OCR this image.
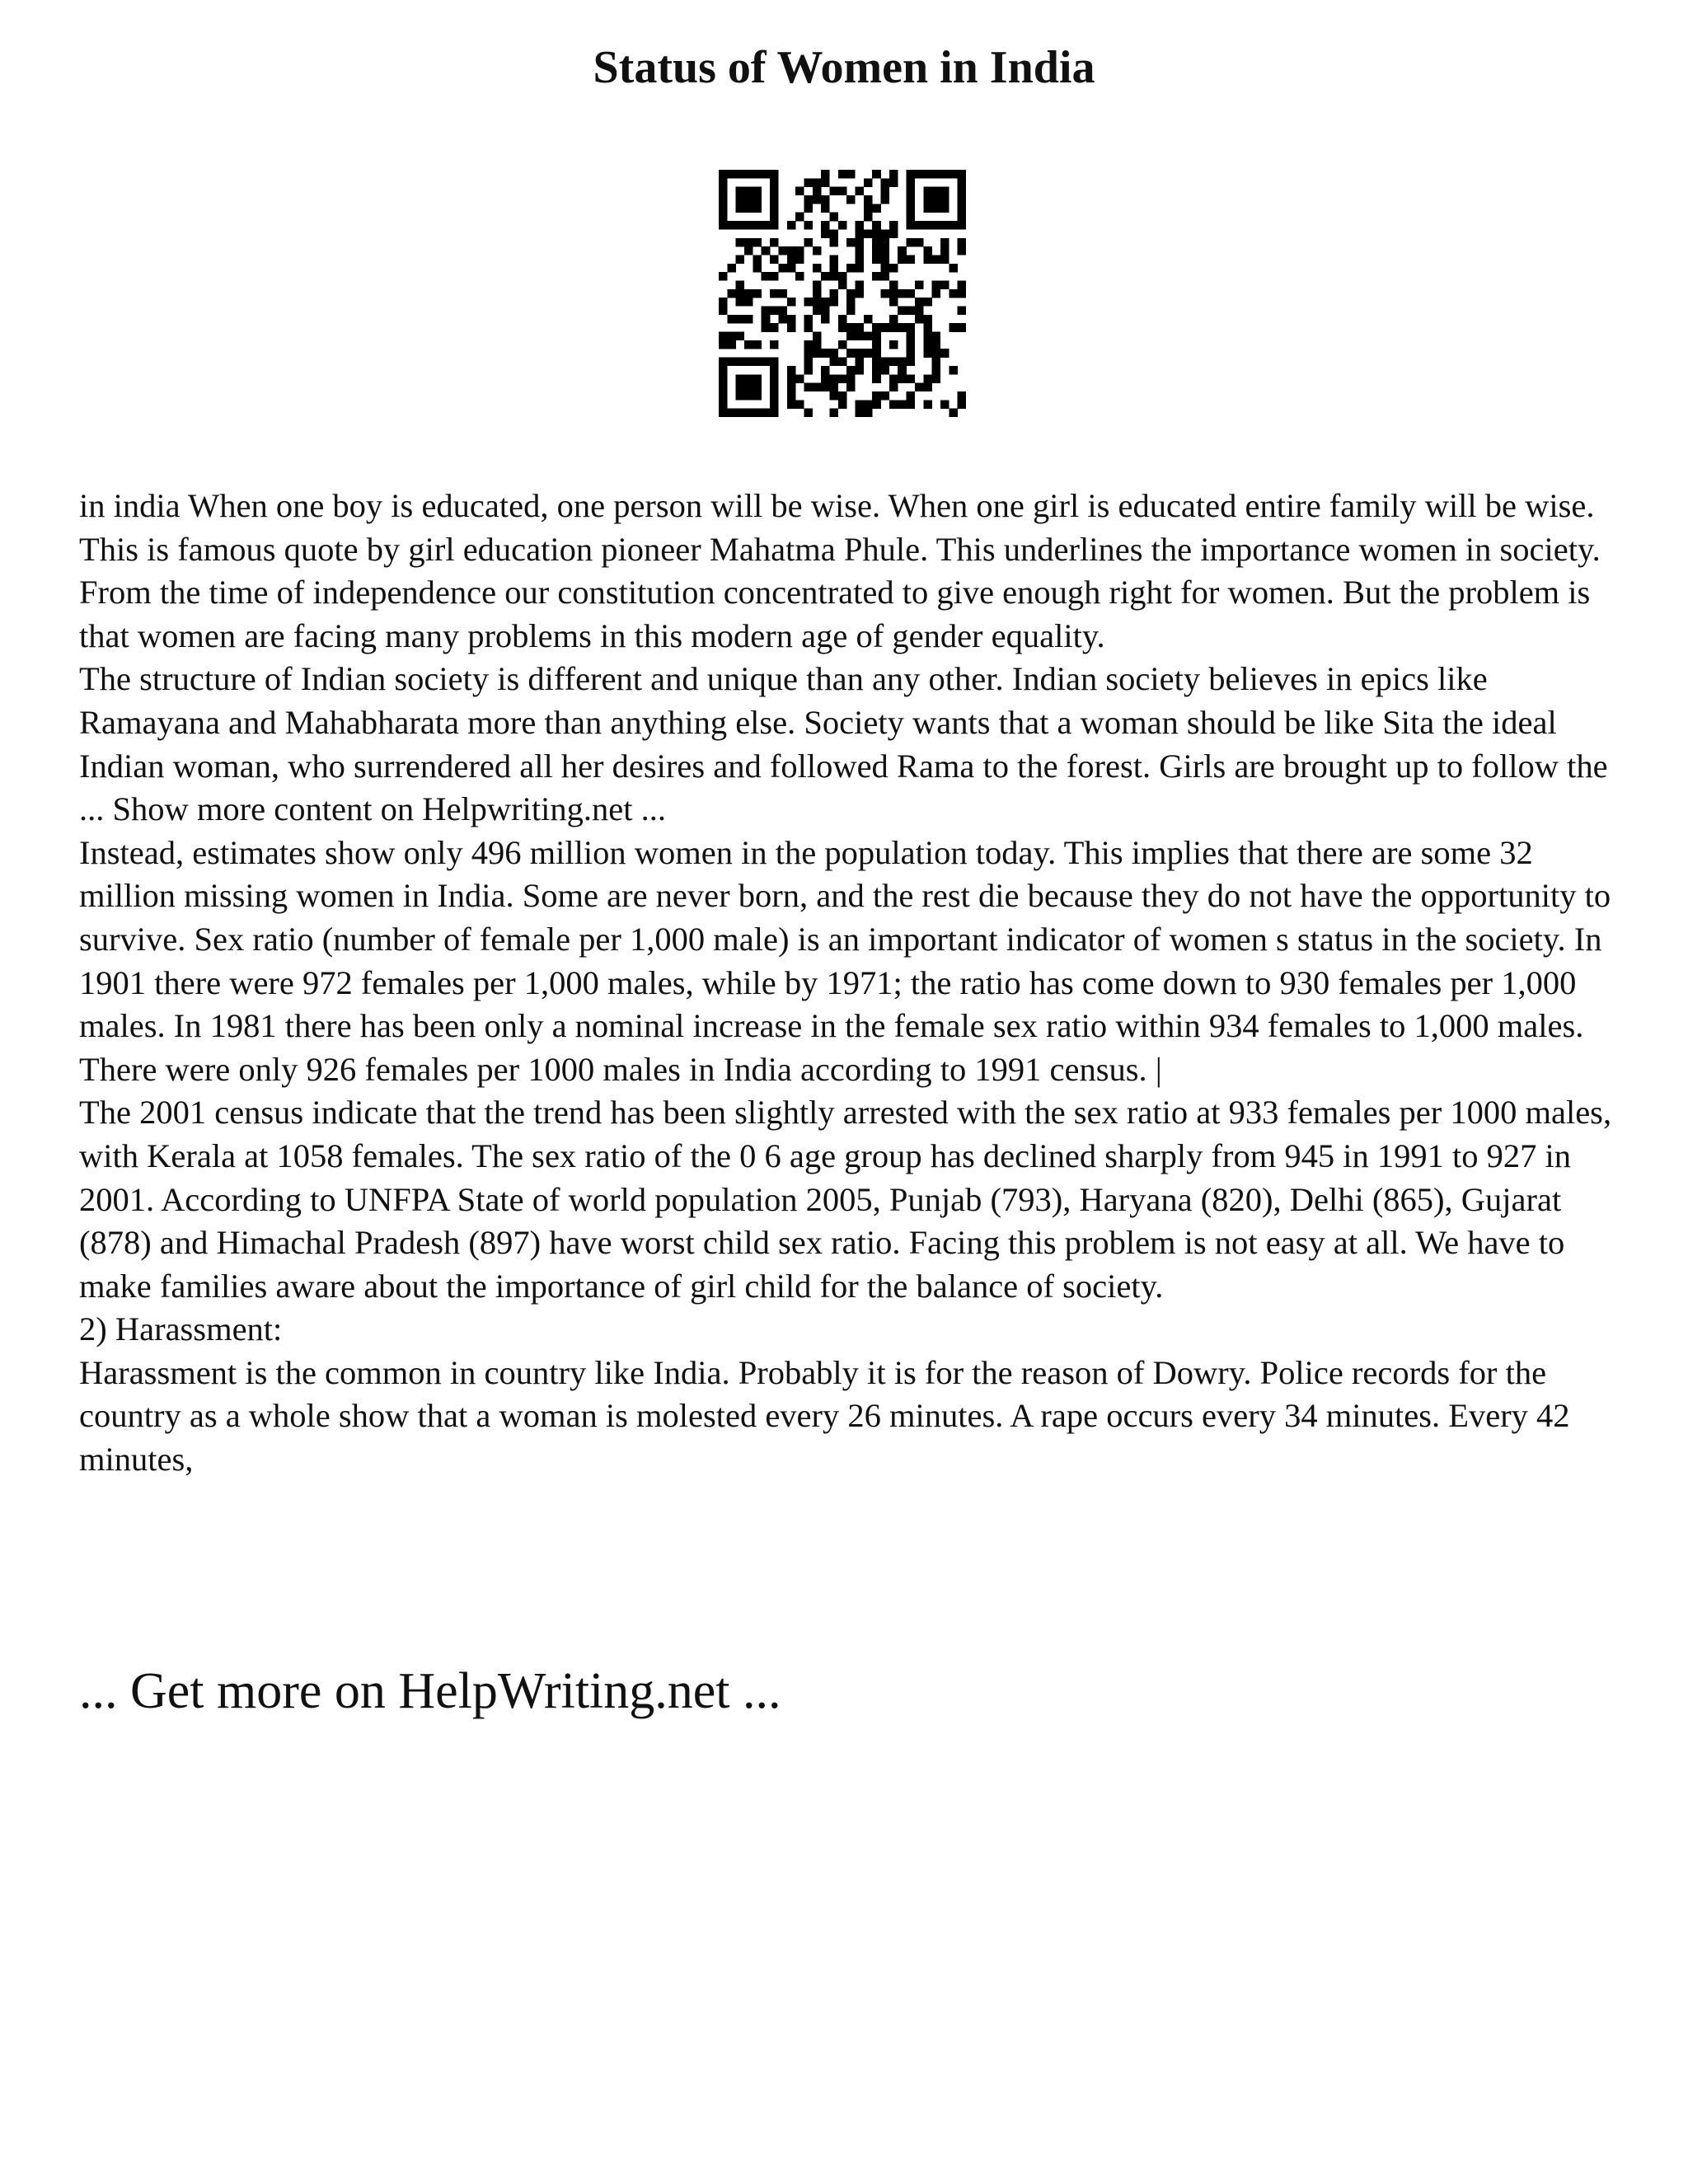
Status of Women in India

in india When one boy is educated, one person will be wise. When one girl is educated entire family will be wise. This is famous quote by girl education pioneer Mahatma Phule. This underlines the importance women in society. From the time of independence our constitution concentrated to give enough right for women. But the problem is that women are facing many problems in this modern age of gender equality.

The structure of Indian society is different and unique than any other. Indian society believes in epics like Ramayana and Mahabharata more than anything else. Society wants that a woman should be like Sita the ideal Indian woman, who surrendered all her desires and followed Rama to the forest. Girls are brought up to follow the ... Show more content on Helpwriting.net ...

Instead, estimates show only 496 million women in the population today. This implies that there are some 32 million missing women in India. Some are never born, and the rest die because they do not have the opportunity to survive. Sex ratio (number of female per 1,000 male) is an important indicator of women s status in the society. In 1901 there were 972 females per 1,000 males, while by 1971; the ratio has come down to 930 females per 1,000 males. In 1981 there has been only a nominal increase in the female sex ratio within 934 females to 1,000 males. There were only 926 females per 1000 males in India according to 1991 census. |

The 2001 census indicate that the trend has been slightly arrested with the sex ratio at 933 females per 1000 males, with Kerala at 1058 females. The sex ratio of the 0 6 age group has declined sharply from 945 in 1991 to 927 in 2001. According to UNFPA State of world population 2005, Punjab (793), Haryana (820), Delhi (865), Gujarat (878) and Himachal Pradesh (897) have worst child sex ratio. Facing this problem is not easy at all. We have to make families aware about the importance of girl child for the balance of society.

2) Harassment:

Harassment is the common in country like India. Probably it is for the reason of Dowry. Police records for the country as a whole show that a woman is molested every 26 minutes. A rape occurs every 34 minutes. Every 42 minutes,

... Get more on HelpWriting.net ...
